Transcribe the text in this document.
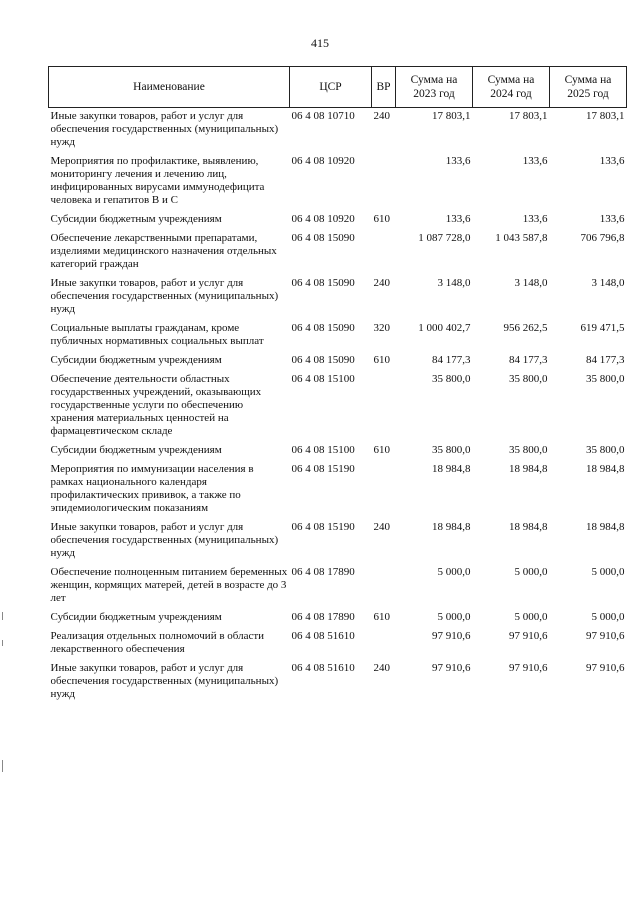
415
Наименование	ЦСР	ВР	Сумма на 2023 год	Сумма на 2024 год	Сумма на 2025 год
Иные закупки товаров, работ и услуг для обеспечения государственных (муниципальных) нужд	06 4 08 10710	240	17 803,1	17 803,1	17 803,1
Мероприятия по профилактике, выявлению, мониторингу лечения и лечению лиц, инфицированных вирусами иммунодефицита человека и гепатитов В и С	06 4 08 10920		133,6	133,6	133,6
Субсидии бюджетным учреждениям	06 4 08 10920	610	133,6	133,6	133,6
Обеспечение лекарственными препаратами, изделиями медицинского назначения отдельных категорий граждан	06 4 08 15090		1 087 728,0	1 043 587,8	706 796,8
Иные закупки товаров, работ и услуг для обеспечения государственных (муниципальных) нужд	06 4 08 15090	240	3 148,0	3 148,0	3 148,0
Социальные выплаты гражданам, кроме публичных нормативных социальных выплат	06 4 08 15090	320	1 000 402,7	956 262,5	619 471,5
Субсидии бюджетным учреждениям	06 4 08 15090	610	84 177,3	84 177,3	84 177,3
Обеспечение деятельности областных государственных учреждений, оказывающих государственные услуги по обеспечению хранения материальных ценностей на фармацевтическом складе	06 4 08 15100		35 800,0	35 800,0	35 800,0
Субсидии бюджетным учреждениям	06 4 08 15100	610	35 800,0	35 800,0	35 800,0
Мероприятия по иммунизации населения в рамках национального календаря профилактических прививок, а также по эпидемиологическим показаниям	06 4 08 15190		18 984,8	18 984,8	18 984,8
Иные закупки товаров, работ и услуг для обеспечения государственных (муниципальных) нужд	06 4 08 15190	240	18 984,8	18 984,8	18 984,8
Обеспечение полноценным питанием беременных женщин, кормящих матерей, детей в возрасте до 3 лет	06 4 08 17890		5 000,0	5 000,0	5 000,0
Субсидии бюджетным учреждениям	06 4 08 17890	610	5 000,0	5 000,0	5 000,0
Реализация отдельных полномочий в области лекарственного обеспечения	06 4 08 51610		97 910,6	97 910,6	97 910,6
Иные закупки товаров, работ и услуг для обеспечения государственных (муниципальных) нужд	06 4 08 51610	240	97 910,6	97 910,6	97 910,6
